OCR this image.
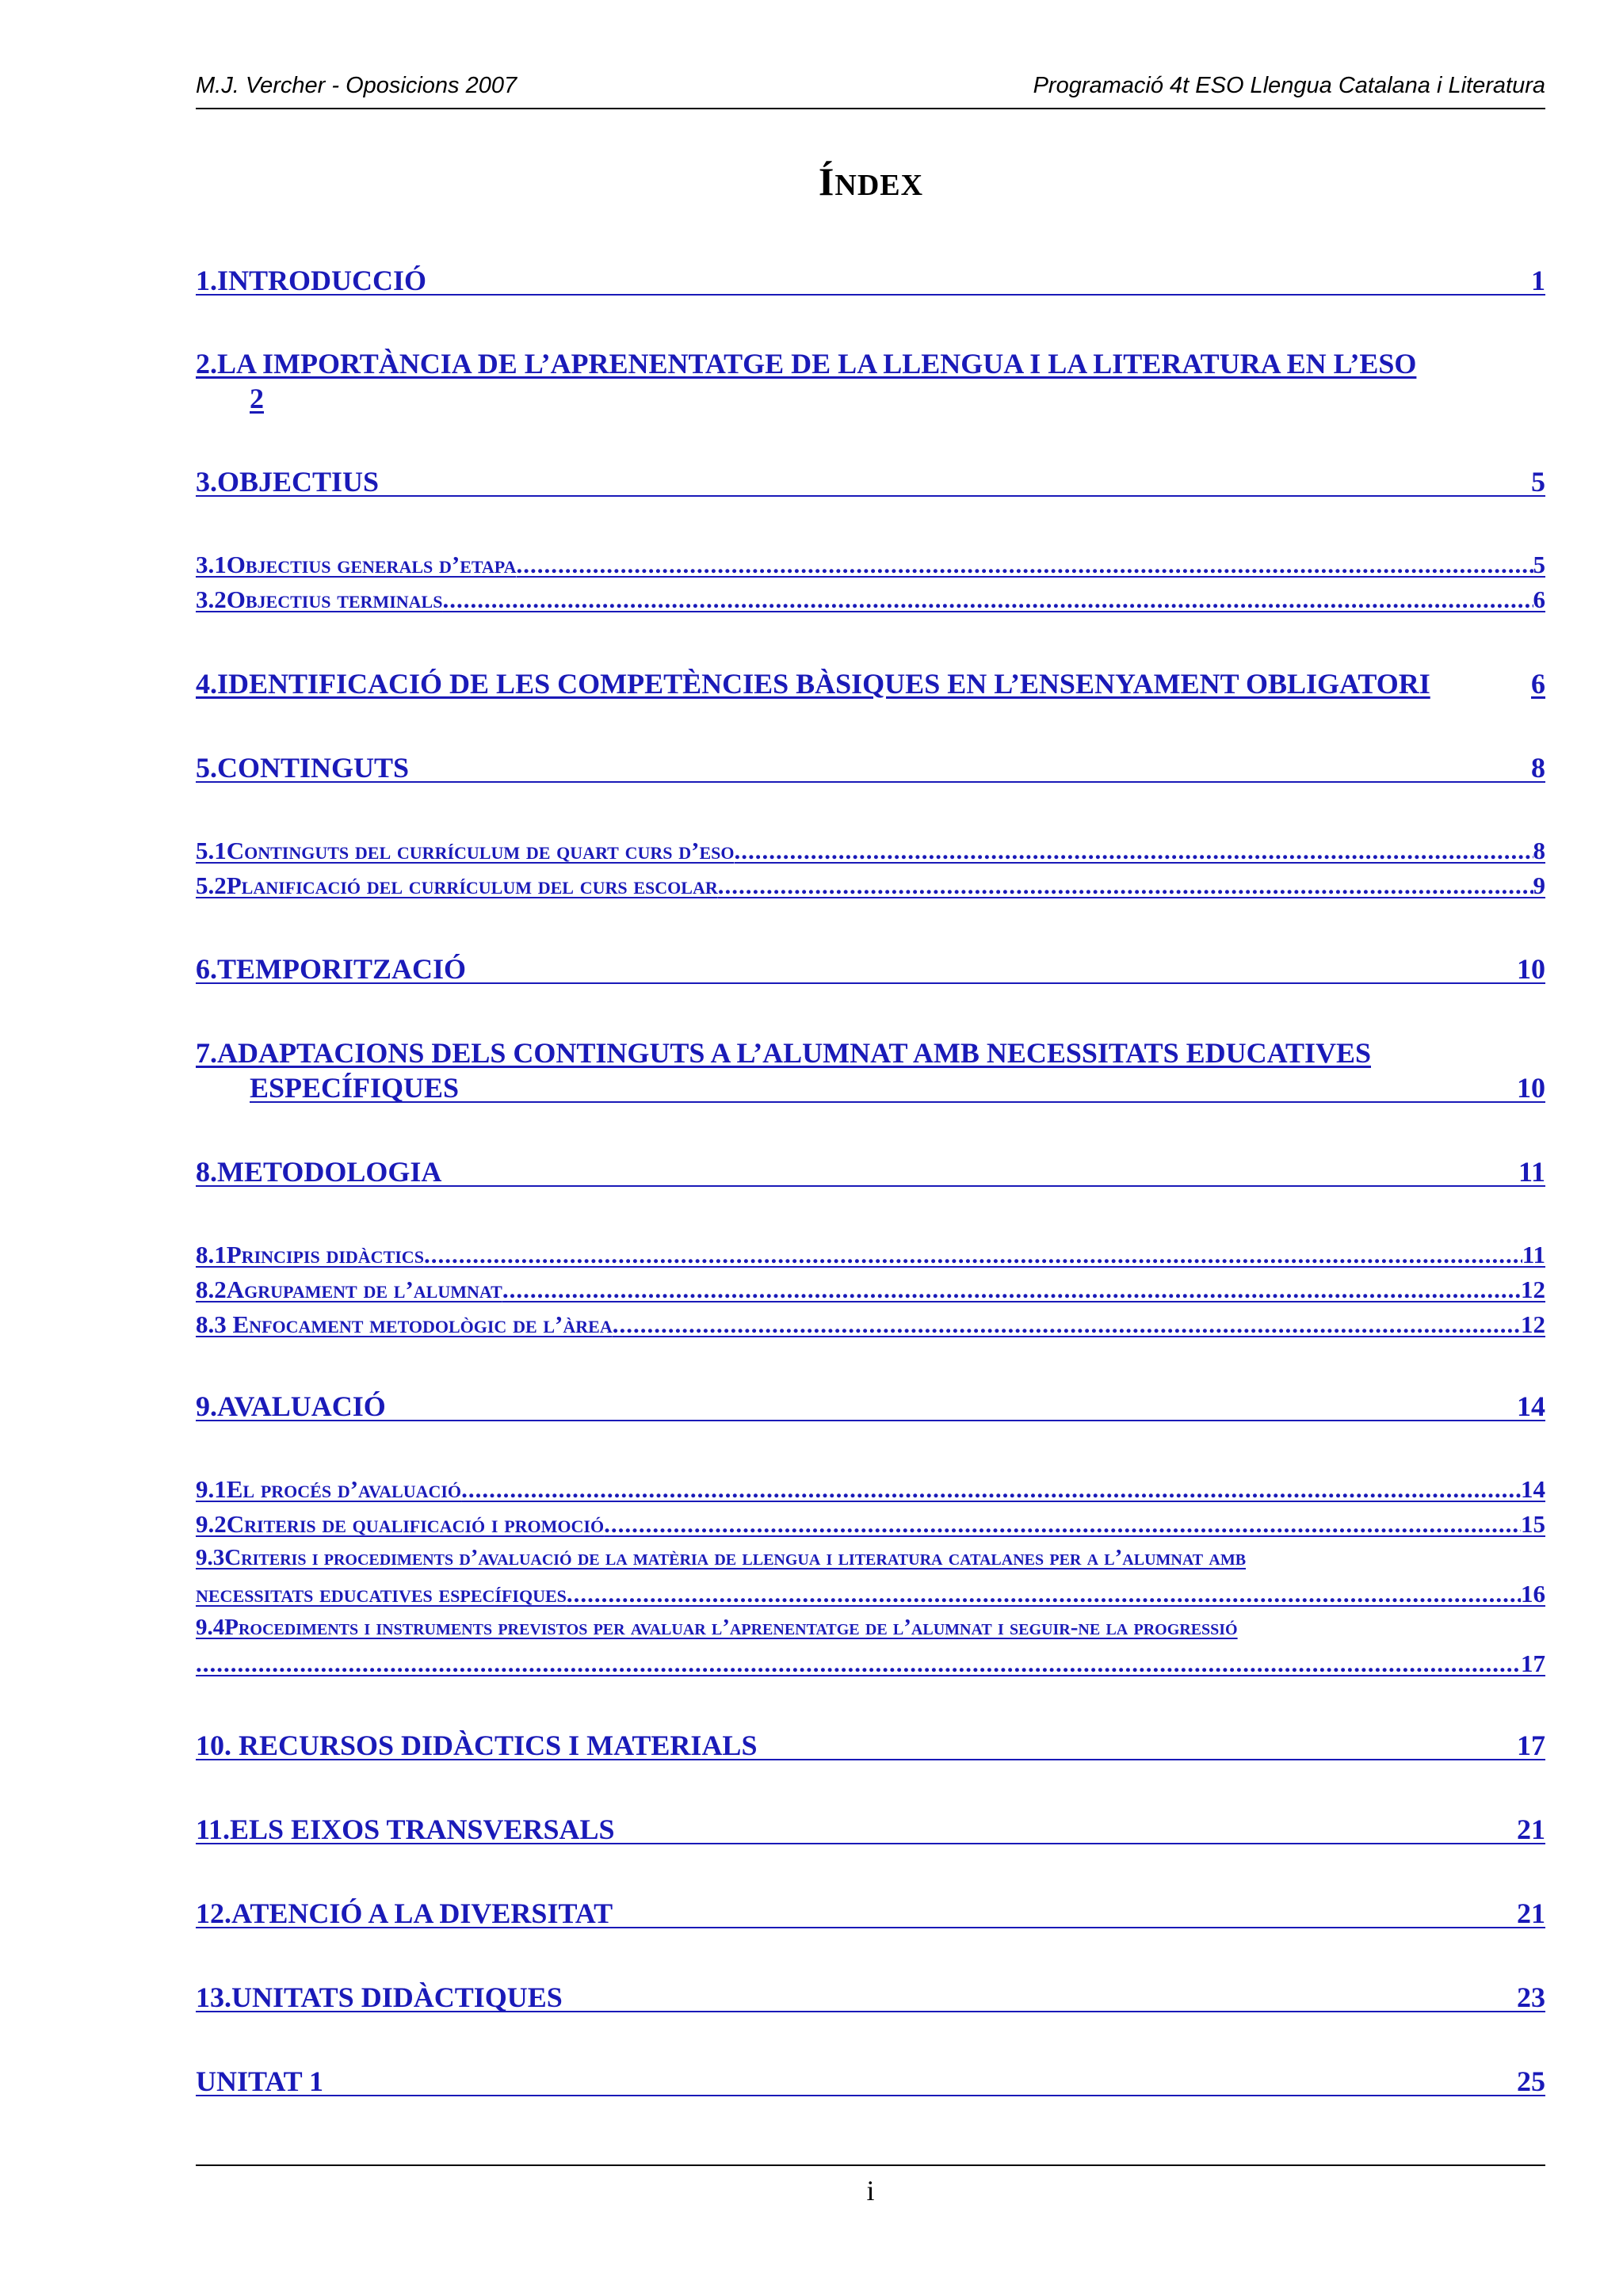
M.J. Vercher - Oposicions 2007	Programació 4t ESO Llengua Catalana i Literatura
ÍNDEX
1.INTRODUCCIÓ	1
2.LA IMPORTÀNCIA DE L’APRENENTATGE DE LA LLENGUA I LA LITERATURA EN L’ESO
2
3.OBJECTIUS	5
3.1Objectius generals d’etapa .....	5
3.2Objectius terminals .....	6
4.IDENTIFICACIÓ DE LES COMPETÈNCIES BÀSIQUES EN L’ENSENYAMENT OBLIGATORI	6
5.CONTINGUTS	8
5.1Continguts del currículum de quart curs d’eso .....	8
5.2Planificació del currículum del curs escolar .....	9
6.TEMPORITZACIÓ	10
7.ADAPTACIONS DELS CONTINGUTS A L’ALUMNAT AMB NECESSITATS EDUCATIVES
ESPECÍFIQUES	10
8.METODOLOGIA	11
8.1Principis didàctics .....	11
8.2Agrupament de l’alumnat .....	12
8.3 Enfocament metodològic de l’àrea .....	12
9.AVALUACIÓ	14
9.1El procés d’avaluació .....	14
9.2Criteris de qualificació i promoció .....	15
9.3Criteris i procediments d’avaluació de la matèria de llengua i literatura catalanes per a l’alumnat amb
necessitats educatives específiques .....	16
9.4Procediments i instruments previstos per avaluar l’aprenentatge de l’alumnat i seguir-ne la progressió
.....
17
10. RECURSOS DIDÀCTICS I MATERIALS	17
11.ELS EIXOS TRANSVERSALS	21
12.ATENCIÓ A LA DIVERSITAT	21
13.UNITATS DIDÀCTIQUES	23
UNITAT 1	25
i
